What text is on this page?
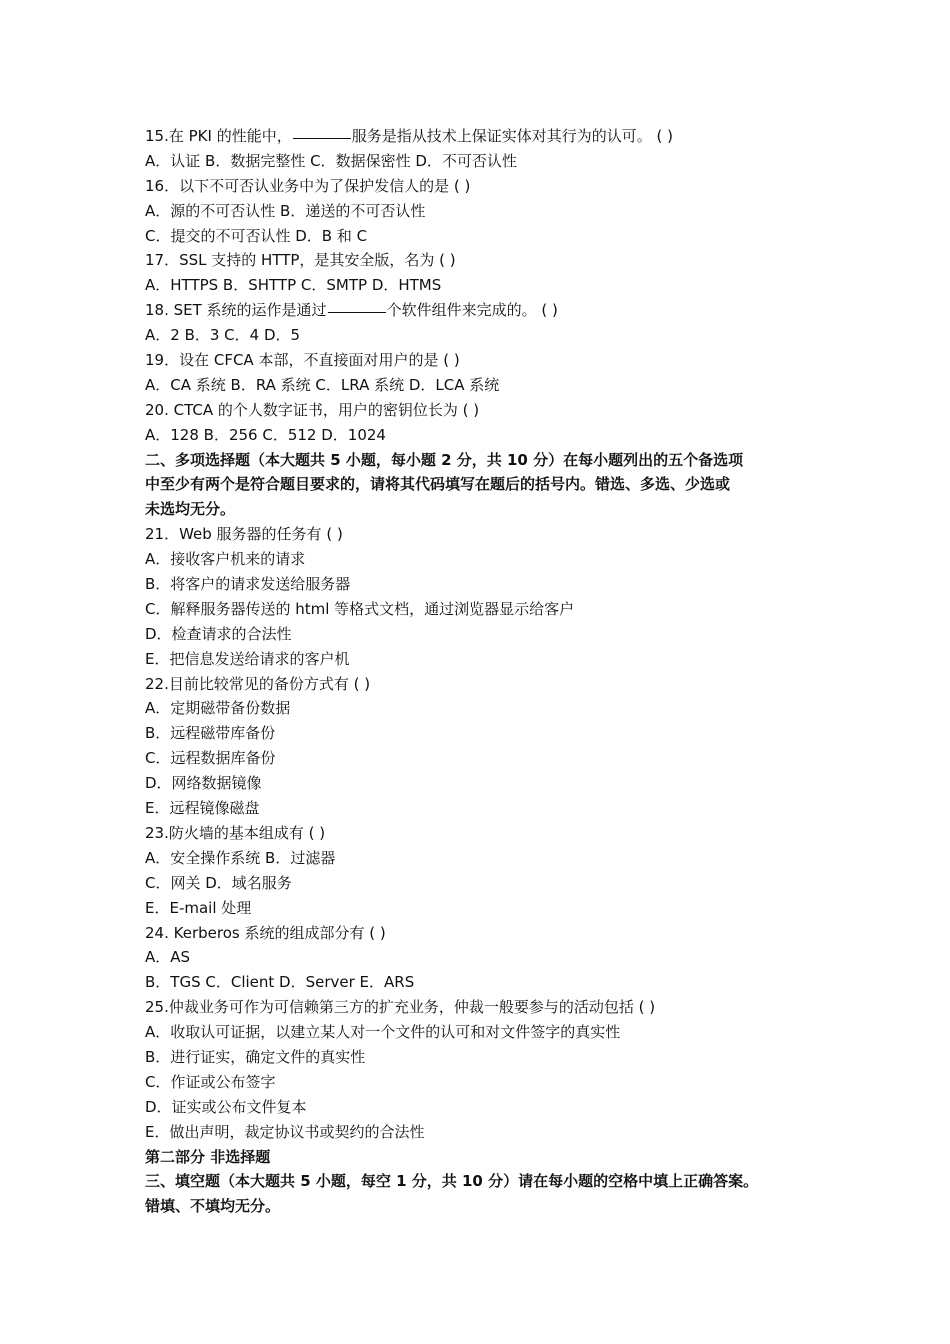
15.在 PKI 的性能中，	服务是指从技术上保证实体对其行为的认可。 ( )
A．认证 B．数据完整性 C．数据保密性 D．不可否认性
16．以下不可否认业务中为了保护发信人的是 ( )
A．源的不可否认性 B．递送的不可否认性
C．提交的不可否认性 D．B 和 C
17．SSL 支持的 HTTP，是其安全版，名为 ( )
A．HTTPS B．SHTTP C．SMTP D．HTMS
18. SET 系统的运作是通过	个软件组件来完成的。 ( )
A．2 B．3 C．4 D．5
19．设在 CFCA 本部，不直接面对用户的是 ( )
A．CA 系统 B．RA 系统 C．LRA 系统 D．LCA 系统
20. CTCA 的个人数字证书，用户的密钥位长为 ( )
A．128 B．256 C．512 D．1024
二、多项选择题（本大题共 5 小题，每小题 2 分，共 10 分）在每小题列出的五个备选项
中至少有两个是符合题目要求的，请将其代码填写在题后的括号内。错选、多选、少选或
未选均无分。
21．Web 服务器的任务有 ( )
A．接收客户机来的请求
B．将客户的请求发送给服务器
C．解释服务器传送的 html 等格式文档，通过浏览器显示给客户
D．检查请求的合法性
E．把信息发送给请求的客户机
22.目前比较常见的备份方式有 ( )
A．定期磁带备份数据
B．远程磁带库备份
C．远程数据库备份
D．网络数据镜像
E．远程镜像磁盘
23.防火墙的基本组成有 ( )
A．安全操作系统 B．过滤器
C．网关 D．域名服务
E．E-mail 处理
24. Kerberos 系统的组成部分有 ( )
A．AS
B．TGS C．Client D．Server E．ARS
25.仲裁业务可作为可信赖第三方的扩充业务，仲裁一般要参与的活动包括 ( )
A．收取认可证据，以建立某人对一个文件的认可和对文件签字的真实性
B．进行证实，确定文件的真实性
C．作证或公布签字
D．证实或公布文件复本
E．做出声明，裁定协议书或契约的合法性
第二部分 非选择题
三、填空题（本大题共 5 小题，每空 1 分，共 10 分）请在每小题的空格中填上正确答案。
错填、不填均无分。
